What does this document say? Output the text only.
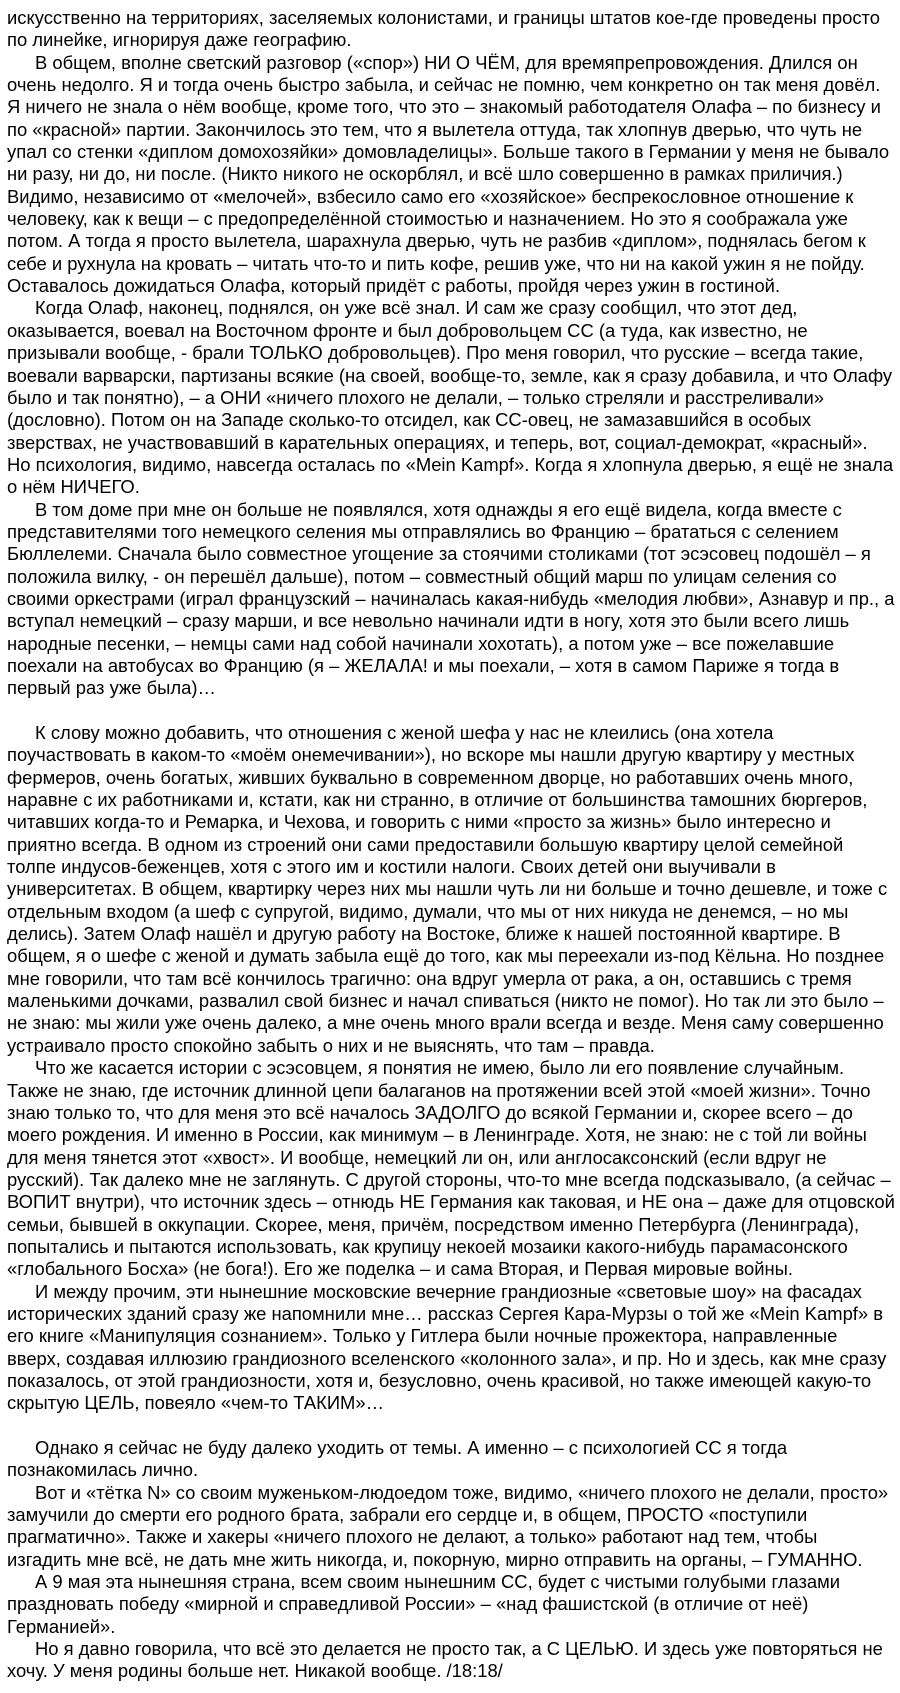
искусственно на территориях, заселяемых колонистами, и границы штатов кое-где проведены просто по линейке, игнорируя даже географию.

В общем, вполне светский разговор («спор») НИ О ЧЁМ, для времяпрепровождения. Длился он очень недолго. Я и тогда очень быстро забыла, и сейчас не помню, чем конкретно он так меня довёл. Я ничего не знала о нём вообще, кроме того, что это – знакомый работодателя Олафа – по бизнесу и по «красной» партии. Закончилось это тем, что я вылетела оттуда, так хлопнув дверью, что чуть не упал со стенки «диплом домохозяйки» домовладелицы». Больше такого в Германии у меня не бывало ни разу, ни до, ни после. (Никто никого не оскорблял, и всё шло совершенно в рамках приличия.) Видимо, независимо от «мелочей», взбесило само его «хозяйское» беспрекословное отношение к человеку, как к вещи – с предопределённой стоимостью и назначением. Но это я соображала уже потом. А тогда я просто вылетела, шарахнула дверью, чуть не разбив «диплом», поднялась бегом к себе и рухнула на кровать – читать что-то и пить кофе, решив уже, что ни на какой ужин я не пойду. Оставалось дожидаться Олафа, который придёт с работы, пройдя через ужин в гостиной.

Когда Олаф, наконец, поднялся, он уже всё знал. И сам же сразу сообщил, что этот дед, оказывается, воевал на Восточном фронте и был добровольцем СС (а туда, как известно, не призывали вообще, - брали ТОЛЬКО добровольцев). Про меня говорил, что русские – всегда такие, воевали варварски, партизаны всякие (на своей, вообще-то, земле, как я сразу добавила, и что Олафу было и так понятно), – а ОНИ «ничего плохого не делали, – только стреляли и расстреливали» (дословно). Потом он на Западе сколько-то отсидел, как СС-овец, не замазавшийся в особых зверствах, не участвовавший в карательных операциях, и теперь, вот, социал-демократ, «красный». Но психология, видимо, навсегда осталась по «Mein Kampf». Когда я хлопнула дверью, я ещё не знала о нём НИЧЕГО.

В том доме при мне он больше не появлялся, хотя однажды я его ещё видела, когда вместе с представителями того немецкого селения мы отправлялись во Францию – брататься с селением Бюллелеми. Сначала было совместное угощение за стоячими столиками (тот эсэсовец подошёл – я положила вилку, - он перешёл дальше), потом – совместный общий марш по улицам селения со своими оркестрами (играл французский – начиналась какая-нибудь «мелодия любви», Азнавур и пр., а вступал немецкий – сразу марши, и все невольно начинали идти в ногу, хотя это были всего лишь народные песенки, – немцы сами над собой начинали хохотать), а потом уже – все пожелавшие поехали на автобусах во Францию (я – ЖЕЛАЛА! и мы поехали, – хотя в самом Париже я тогда в первый раз уже была)…

К слову можно добавить, что отношения с женой шефа у нас не клеились (она хотела поучаствовать в каком-то «моём онемечивании»), но вскоре мы нашли другую квартиру у местных фермеров, очень богатых, живших буквально в современном дворце, но работавших очень много, наравне с их работниками и, кстати, как ни странно, в отличие от большинства тамошних бюргеров, читавших когда-то и Ремарка, и Чехова, и говорить с ними «просто за жизнь» было интересно и приятно всегда. В одном из строений они сами предоставили большую квартиру целой семейной толпе индусов-беженцев, хотя с этого им и костили налоги. Своих детей они выучивали в университетах. В общем, квартирку через них мы нашли чуть ли ни больше и точно дешевле, и тоже с отдельным входом (а шеф с супругой, видимо, думали, что мы от них никуда не денемся, – но мы делись). Затем Олаф нашёл и другую работу на Востоке, ближе к нашей постоянной квартире. В общем, я о шефе с женой и думать забыла ещё до того, как мы переехали из-под Кёльна. Но позднее мне говорили, что там всё кончилось трагично: она вдруг умерла от рака, а он, оставшись с тремя маленькими дочками, развалил свой бизнес и начал спиваться (никто не помог). Но так ли это было – не знаю: мы жили уже очень далеко, а мне очень много врали всегда и везде. Меня саму совершенно устраивало просто спокойно забыть о них и не выяснять, что там – правда.

Что же касается истории с эсэсовцем, я понятия не имею, было ли его появление случайным. Также не знаю, где источник длинной цепи балаганов на протяжении всей этой «моей жизни». Точно знаю только то, что для меня это всё началось ЗАДОЛГО до всякой Германии и, скорее всего – до моего рождения. И именно в России, как минимум – в Ленинграде. Хотя, не знаю: не с той ли войны для меня тянется этот «хвост». И вообще, немецкий ли он, или англосаксонский (если вдруг не русский). Так далеко мне не заглянуть. С другой стороны, что-то мне всегда подсказывало, (а сейчас – ВОПИТ внутри), что источник здесь – отнюдь НЕ Германия как таковая, и НЕ она – даже для отцовской семьи, бывшей в оккупации. Скорее, меня, причём, посредством именно Петербурга (Ленинграда), попытались и пытаются использовать, как крупицу некоей мозаики какого-нибудь парамасонского «глобального Босха» (не бога!). Его же поделка – и сама Вторая, и Первая мировые войны.

И между прочим, эти нынешние московские вечерние грандиозные «световые шоу» на фасадах исторических зданий сразу же напомнили мне… рассказ Сергея Кара-Мурзы о той же «Mein Kampf» в его книге «Манипуляция сознанием». Только у Гитлера были ночные прожектора, направленные вверх, создавая иллюзию грандиозного вселенского «колонного зала», и пр. Но и здесь, как мне сразу показалось, от этой грандиозности, хотя и, безусловно, очень красивой, но также имеющей какую-то скрытую ЦЕЛЬ, повеяло «чем-то ТАКИМ»…

Однако я сейчас не буду далеко уходить от темы. А именно – с психологией СС я тогда познакомилась лично.

Вот и «тётка N» со своим муженьком-людоедом тоже, видимо, «ничего плохого не делали, просто» замучили до смерти его родного брата, забрали его сердце и, в общем, ПРОСТО «поступили прагматично». Также и хакеры «ничего плохого не делают, а только» работают над тем, чтобы изгадить мне всё, не дать мне жить никогда, и, покорную, мирно отправить на органы, – ГУМАННО.

А 9 мая эта нынешняя страна, всем своим нынешним СС, будет с чистыми голубыми глазами праздновать победу «мирной и справедливой России» – «над фашистской (в отличие от неё) Германией».

Но я давно говорила, что всё это делается не просто так, а С ЦЕЛЬЮ. И здесь уже повторяться не хочу. У меня родины больше нет. Никакой вообще. /18:18/
